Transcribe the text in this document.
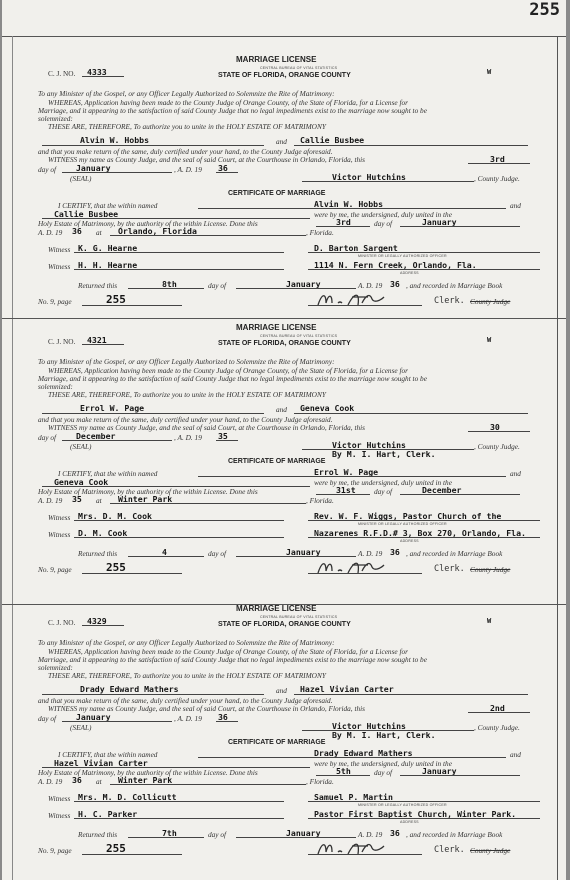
255
MARRIAGE LICENSE
CENTRAL BUREAU OF VITAL STATISTICS
STATE OF FLORIDA, ORANGE COUNTY
C. J. NO. 4333	W
To any Minister of the Gospel, or any Officer Legally Authorized to Solemnize the Rite of Matrimony:
WHEREAS, Application having been made to the County Judge of Orange County, of the State of Florida, for a License for
Marriage, and it appearing to the satisfaction of said County Judge that no legal impediments exist to the marriage now sought to be
solemnized:
THESE ARE, THEREFORE, To authorize you to unite in the HOLY ESTATE OF MATRIMONY
Alvin W. Hobbs	and Callie Busbee
and that you make return of the same, duly certified under your hand, to the County Judge aforesaid.
WITNESS my name as County Judge, and the seal of said Court, at the Courthouse in Orlando, Florida, this	3rd
day of January	, A. D. 19 36
(SEAL)	Victor Hutchins	, County Judge.
CERTIFICATE OF MARRIAGE
I CERTIFY, that the within named	Alvin W. Hobbs	and
Callie Busbee	were by me, the undersigned, duly united in the
Holy Estate of Matrimony, by the authority of the within License. Done this	3rd	day of	January
A. D. 19 36 at Orlando, Florida	, Florida.
Witness K. G. Hearne	D. Barton Sargent
MINISTER OR LEGALLY AUTHORIZED OFFICER
Witness H. H. Hearne	1114 N. Fern Creek, Orlando, Fla.
ADDRESS
Returned this	8th	day of	January	A. D. 19 36 , and recorded in Marriage Book
No. 9, page	255	Clerk. County Judge
MARRIAGE LICENSE
CENTRAL BUREAU OF VITAL STATISTICS
STATE OF FLORIDA, ORANGE COUNTY
C. J. NO. 4321	W
To any Minister of the Gospel, or any Officer Legally Authorized to Solemnize the Rite of Matrimony:
WHEREAS, Application having been made to the County Judge of Orange County, of the State of Florida, for a License for
Marriage, and it appearing to the satisfaction of said County Judge that no legal impediments exist to the marriage now sought to be
solemnized:
THESE ARE, THEREFORE, To authorize you to unite in the HOLY ESTATE OF MATRIMONY
Errol W. Page	and Geneva Cook
and that you make return of the same, duly certified under your hand, to the County Judge aforesaid.
WITNESS my name as County Judge, and the seal of said Court, at the Courthouse in Orlando, Florida, this	30
day of December	, A. D. 19 35
(SEAL)	Victor Hutchins
By M. I. Hart, Clerk.
, County Judge.
CERTIFICATE OF MARRIAGE
I CERTIFY, that the within named	Errol W. Page	and
Geneva Cook	were by me, the undersigned, duly united in the
Holy Estate of Matrimony, by the authority of the within License. Done this	31st	day of	December
A. D. 19 35 at Winter Park	, Florida.
Witness Mrs. D. M. Cook	Rev. W. F. Wiggs, Pastor Church of the
MINISTER OR LEGALLY AUTHORIZED OFFICER
Witness D. M. Cook	Nazarenes R.F.D.# 3, Box 270, Orlando, Fla.
ADDRESS
Returned this	4	day of	January	A. D. 19 36 , and recorded in Marriage Book
No. 9, page	255	Clerk. County Judge
MARRIAGE LICENSE
CENTRAL BUREAU OF VITAL STATISTICS
STATE OF FLORIDA, ORANGE COUNTY
C. J. NO. 4329	W
To any Minister of the Gospel, or any Officer Legally Authorized to Solemnize the Rite of Matrimony:
WHEREAS, Application having been made to the County Judge of Orange County, of the State of Florida, for a License for
Marriage, and it appearing to the satisfaction of said County Judge that no legal impediments exist to the marriage now sought to be
solemnized:
THESE ARE, THEREFORE, To authorize you to unite in the HOLY ESTATE OF MATRIMONY
Drady Edward Mathers	and Hazel Vivian Carter
and that you make return of the same, duly certified under your hand, to the County Judge aforesaid.
WITNESS my name as County Judge, and the seal of said Court, at the Courthouse in Orlando, Florida, this	2nd
day of January	, A. D. 19 36
(SEAL)	Victor Hutchins
By M. I. Hart, Clerk.
, County Judge.
CERTIFICATE OF MARRIAGE
I CERTIFY, that the within named	Drady Edward Mathers	and
Hazel Vivian Carter	were by me, the undersigned, duly united in the
Holy Estate of Matrimony, by the authority of the within License. Done this	5th	day of	January
A. D. 19 36 at Winter Park	, Florida.
Witness Mrs. M. D. Collicutt	Samuel P. Martin
MINISTER OR LEGALLY AUTHORIZED OFFICER
Witness H. C. Parker	Pastor First Baptist Church, Winter Park.
ADDRESS
Returned this	7th	day of	January	A. D. 19 36 , and recorded in Marriage Book
No. 9, page	255	Clerk. County Judge
